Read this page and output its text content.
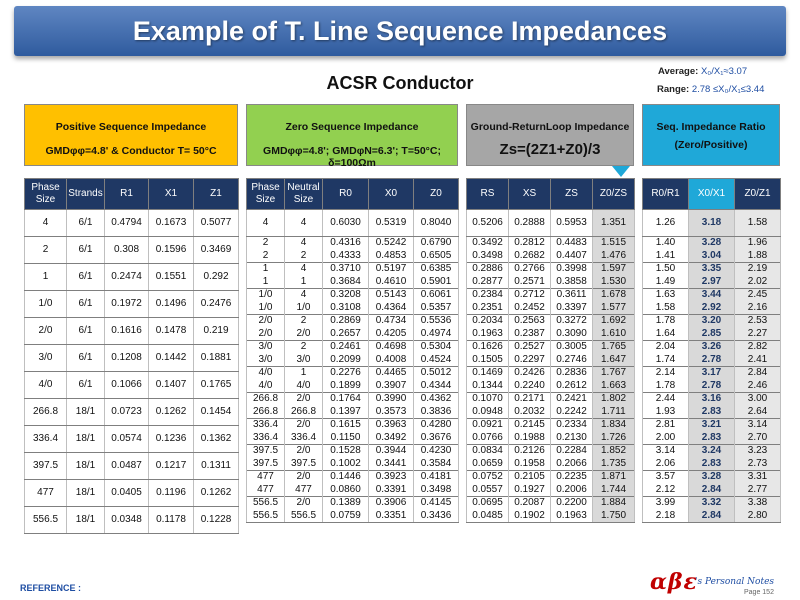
Example of T. Line Sequence Impedances
Average: X₀/X₁≈3.07
Range: 2.78 ≤X₀/X₁≤3.44
ACSR Conductor
Positive Sequence Impedance
GMDφφ=4.8' & Conductor T= 50°C
Zero Sequence Impedance
GMDφφ=4.8'; GMDφN=6.3'; T=50°C; δ=100Ωm
Ground-ReturnLoop Impedance
Zs=(2Z1+Z0)/3
Seq. Impedance Ratio
(Zero/Positive)
Phase Size	Strands	R1	X1	Z1
4	6/1	0.4794	0.1673	0.5077
2	6/1	0.308	0.1596	0.3469
1	6/1	0.2474	0.1551	0.292
1/0	6/1	0.1972	0.1496	0.2476
2/0	6/1	0.1616	0.1478	0.219
3/0	6/1	0.1208	0.1442	0.1881
4/0	6/1	0.1066	0.1407	0.1765
266.8	18/1	0.0723	0.1262	0.1454
336.4	18/1	0.0574	0.1236	0.1362
397.5	18/1	0.0487	0.1217	0.1311
477	18/1	0.0405	0.1196	0.1262
556.5	18/1	0.0348	0.1178	0.1228
Phase Size	Neutral Size	R0	X0	Z0
4	4	0.6030	0.5319	0.8040
2	4	0.4316	0.5242	0.6790
2	2	0.4333	0.4853	0.6505
1	4	0.3710	0.5197	0.6385
1	1	0.3684	0.4610	0.5901
1/0	4	0.3208	0.5143	0.6061
1/0	1/0	0.3108	0.4364	0.5357
2/0	2	0.2869	0.4734	0.5536
2/0	2/0	0.2657	0.4205	0.4974
3/0	2	0.2461	0.4698	0.5304
3/0	3/0	0.2099	0.4008	0.4524
4/0	1	0.2276	0.4465	0.5012
4/0	4/0	0.1899	0.3907	0.4344
266.8	2/0	0.1764	0.3990	0.4362
266.8	266.8	0.1397	0.3573	0.3836
336.4	2/0	0.1615	0.3963	0.4280
336.4	336.4	0.1150	0.3492	0.3676
397.5	2/0	0.1528	0.3944	0.4230
397.5	397.5	0.1002	0.3441	0.3584
477	2/0	0.1446	0.3923	0.4181
477	477	0.0860	0.3391	0.3498
556.5	2/0	0.1389	0.3906	0.4145
556.5	556.5	0.0759	0.3351	0.3436
RS	XS	ZS	Z0/ZS
0.5206	0.2888	0.5953	1.351
0.3492	0.2812	0.4483	1.515
0.3498	0.2682	0.4407	1.476
0.2886	0.2766	0.3998	1.597
0.2877	0.2571	0.3858	1.530
0.2384	0.2712	0.3611	1.678
0.2351	0.2452	0.3397	1.577
0.2034	0.2563	0.3272	1.692
0.1963	0.2387	0.3090	1.610
0.1626	0.2527	0.3005	1.765
0.1505	0.2297	0.2746	1.647
0.1469	0.2426	0.2836	1.767
0.1344	0.2240	0.2612	1.663
0.1070	0.2171	0.2421	1.802
0.0948	0.2032	0.2242	1.711
0.0921	0.2145	0.2334	1.834
0.0766	0.1988	0.2130	1.726
0.0834	0.2126	0.2284	1.852
0.0659	0.1958	0.2066	1.735
0.0752	0.2105	0.2235	1.871
0.0557	0.1927	0.2006	1.744
0.0695	0.2087	0.2200	1.884
0.0485	0.1902	0.1963	1.750
R0/R1	X0/X1	Z0/Z1
1.26	3.18	1.58
1.40	3.28	1.96
1.41	3.04	1.88
1.50	3.35	2.19
1.49	2.97	2.02
1.63	3.44	2.45
1.58	2.92	2.16
1.78	3.20	2.53
1.64	2.85	2.27
2.04	3.26	2.82
1.74	2.78	2.41
2.14	3.17	2.84
1.78	2.78	2.46
2.44	3.16	3.00
1.93	2.83	2.64
2.81	3.21	3.14
2.00	2.83	2.70
3.14	3.24	3.23
2.06	2.83	2.73
3.57	3.28	3.31
2.12	2.84	2.77
3.99	3.32	3.38
2.18	2.84	2.80
REFERENCE :	αβε
's Personal Notes
Page 152
